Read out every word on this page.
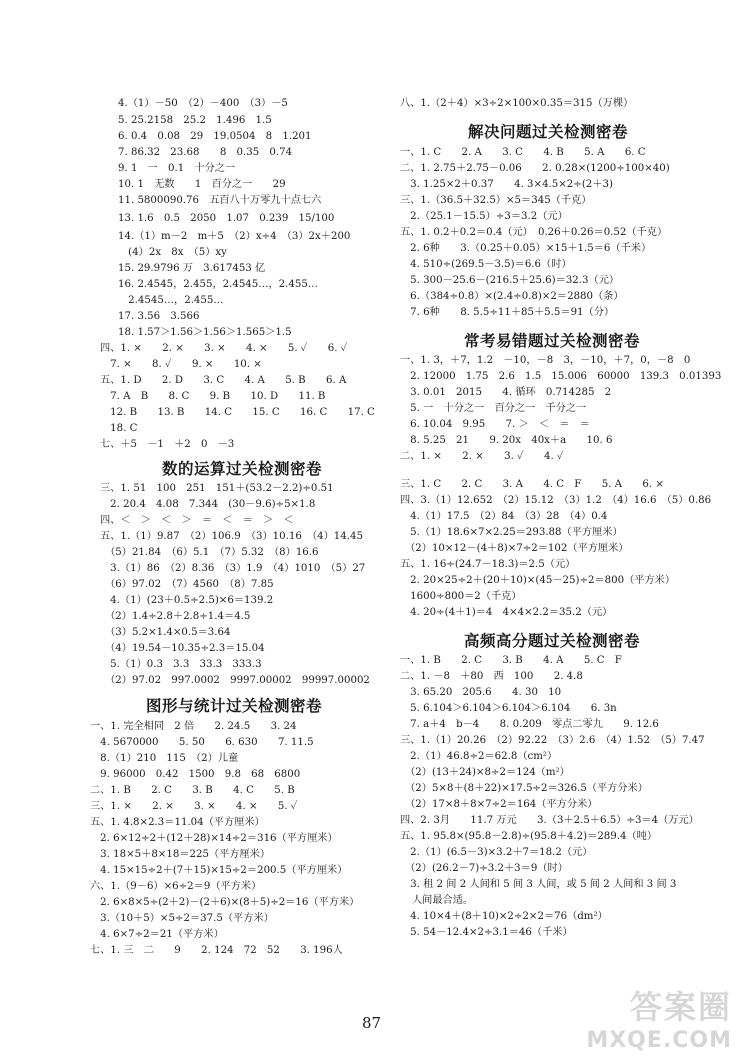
4.（1）－50　（2）－400　（3）－5
5. 25.2158　25.2　1.496　1.5
6. 0.4　0.08　29　19.0504　8　1.201
7. 86.32　23.68　　8　0.35　0.74
9. 1　一　0.1　十分之一
10. 1　无数　　1　百分之一　　29
11. 5800090.76　五百八十万零九十点七六
13. 1.6　0.5　2050　1.07　0.239　15/100
14.（1）m－2　m＋5　（2）x÷4　（3）2x＋200
　(4）2x　8x　（5）xy
15. 29.9796 万　3.617453 亿
16. 2.4545，2.455，2.4545…，2.455…
　2.4545…，2.455…
17. 3.56　3.566
18. 1.57＞1.56＞1.56＞1.565＞1.5
四、1. ×　　2. ×　　3. ×　　4. ×　　5. ✓　　6. ✓
　7. ×　　8. ✓　　9. ×　　10. ×
五、1. D　　2. D　　3. C　　4. A　　5. B　　6. A
　7. A　B　　8. C　　9. B　　10. D　　11. B
　12. B　　13. B　　14. C　　15. C　　16. C　　17. C
　18. C
七、＋5　－1　＋2　0　－3
数的运算过关检测密卷
三、1. 51　100　251　151＋(53.2－2.2)÷0.51
　2. 20.4　4.08　7.344　(30－9.6)÷5×1.8
四、＜　＞　＜　＞　＝　＜　＝　＞　＜
五、1.（1）9.87　（2）106.9　（3）10.16　（4）14.45
　（5）21.84　（6）5.1　（7）5.32　（8）16.6
　3.（1）86　（2）8.36　（3）1.9　（4）1010　（5）27
　（6）97.02　（7）4560　（8）7.85
　4.（1）(23＋0.5÷2.5)×6＝139.2
　（2）1.4÷2.8＋2.8÷1.4＝4.5
　（3）5.2×1.4×0.5＝3.64
　（4）19.54－10.35÷2.3＝15.04
　5.（1）0.3　3.3　33.3　333.3
　（2）97.02　997.0002　9997.00002　99997.00002
图形与统计过关检测密卷
一、1. 完全相同　2 倍　　2. 24.5　　3. 24
　4. 5670000　　5. 50　　6. 630　　7. 11.5
　8.（1）210　115　（2）儿童
　9. 96000　0.42　1500　9.8　68　6800
二、1. B　　2. C　　3. B　　4. C　　5. B
三、1. ×　　2. ×　　3. ×　　4. ×　　5. ✓
五、1. 4.8×2.3＝11.04（平方厘米）
　2. 6×12÷2＋(12＋28)×14÷2＝316（平方厘米）
　3. 18×5＋8×18＝225（平方厘米）
　4. 15×15÷2＋(7＋15)×15÷2＝200.5（平方厘米）
六、1.（9－6）×6÷2＝9（平方米）
　2. 6×8×5÷(2＋2)－(2＋6)×(8＋5)÷2＝16（平方米）
　3.（10＋5）×5÷2＝37.5（平方米）
　4. 6×7÷2＝21（平方米）
七、1. 三　二　　9　　2. 124　72　52　　3. 196人
八、1.（2＋4）×3÷2×100×0.35＝315（万棵）
解决问题过关检测密卷
一、1. C　　2. A　　3. C　　4. B　　5. A　　6. C
二、1. 2.75＋2.75－0.06　　2. 0.28×(1200÷100×40)
　3. 1.25×2＋0.37　　4. 3×4.5×2÷(2＋3)
三、1.（36.5＋32.5）×5＝345（千克）
　2.（25.1－15.5）÷3＝3.2（元）
五、1. 0.2＋0.2＝0.4（元）　0.26＋0.26＝0.52（千克）
　2. 6种　　3.（0.25＋0.05）×15＋1.5＝6（千米）
　4. 510÷(269.5－3.5)＝6.6（时）
　5. 300－25.6－(216.5＋25.6)＝32.3（元）
　6.（384÷0.8）×(2.4÷0.8)×2＝2880（条）
　7. 6种　　8. 5.5÷11＋85＋5.5＝91（分）
常考易错题过关检测密卷
一、1. 3，＋7，1.2　－10，－8　3，－10，＋7，0，－8　0
　2. 12000　1.75　2.6　1.5　15.006　60000　139.3　0.01393
　3. 0.01　2015　　4. 循环　0.714285　2
　5. 一　十分之一　百分之一　千分之一
　6. 10.04　9.95　　7. ＞　＜　＝　＝
　8. 5.25　21　　9. 20x　40x＋a　　10. 6
二、1. ×　　2. ×　　3. ✓　　4. ✓
三、1. C　　2. C　　3. A　　4. C　F　　5. A　　6. ×
四、3.（1）12.652　（2）15.12　（3）1.2　（4）16.6　（5）0.86
　4.（1）17.5　（2）84　（3）28　（4）0.4
　5.（1）18.6×7×2.25＝293.88（平方厘米）
　（2）10×12－(4＋8)×7÷2＝102（平方厘米）
五、1. 16÷(24.7－18.3)＝2.5（元）
　2. 20×25÷2＋(20＋10)×(45－25)÷2＝800（平方米）
　1600÷800＝2（千克）
　4. 20÷(4＋1)＝4　4×4×2.2＝35.2（元）
高频高分题过关检测密卷
一、1. B　　2. C　　3. B　　4. A　　5. C　F
二、1. －8　＋80　西　100　　2. 4.8
　3. 65.20　205.6　　4. 30　10
　5. 6.104＞6.104＞6.104＞6.104　　6. 3n
　7. a＋4　b－4　　8. 0.209　零点二零九　　9. 12.6
三、1.（1）20.26　（2）92.22　（3）2.6　（4）1.52　（5）7.47
　2.（1）46.8÷2＝62.8（cm²）
　（2）(13＋24)×8÷2＝124（m²）
　（2）5×8＋(8＋22)×17.5÷2＝326.5（平方分米）
　（2）17×8＋8×7÷2＝164（平方分米）
四、2. 3月　　11.7 万元　　3.（3＋2.5＋6.5）÷3＝4（万元）
五、1. 95.8×(95.8－2.8)÷(95.8＋4.2)＝289.4（吨）
　2.（1）(6.5－3)×3.2＋7＝18.2（元）
　（2）(26.2－7)÷3.2＋3＝9（时）
　3. 租 2 间 2 人间和 5 间 3 人间，或 5 间 2 人间和 3 间 3
人间最合适。
　4. 10×4＋(8＋10)×2÷2×2＝76（dm²）
　5. 54－12.4×2÷3.1＝46（千米）
87	答案圈
MXQE.COM
